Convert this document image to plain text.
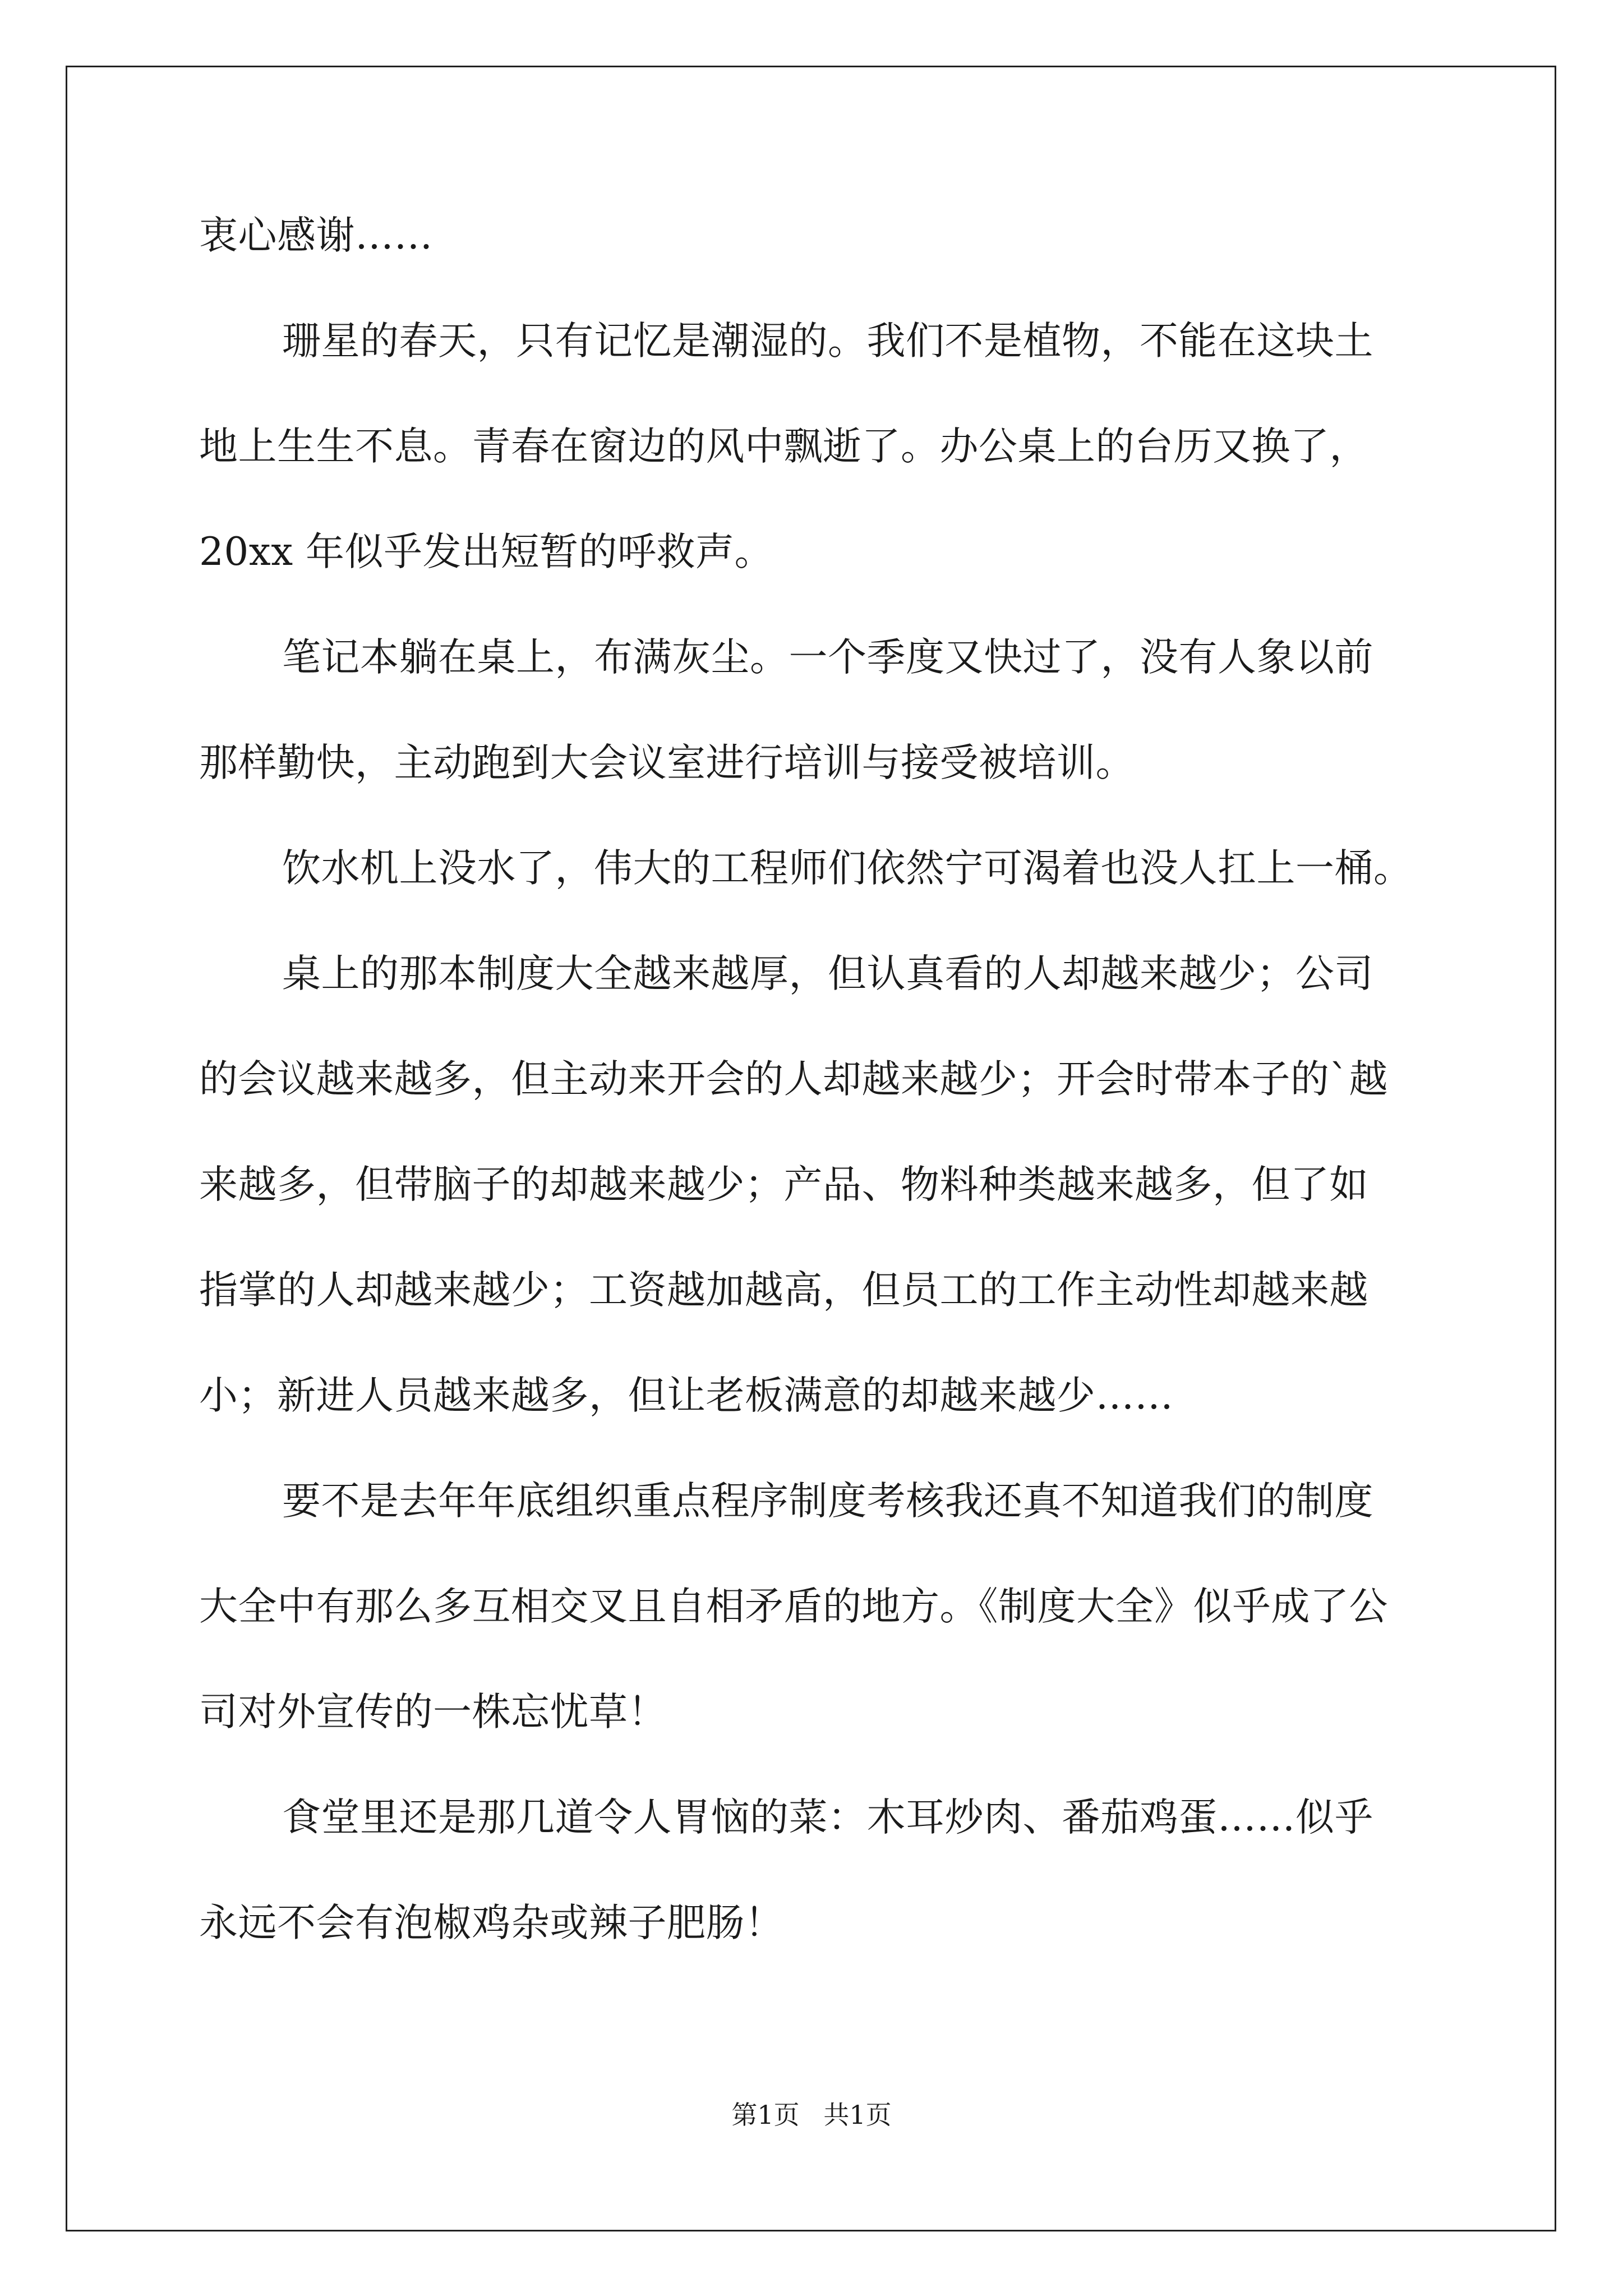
衷心感谢……
珊星的春天，只有记忆是潮湿的。我们不是植物，不能在这块土
地上生生不息。青春在窗边的风中飘逝了。办公桌上的台历又换了，
20xx 年似乎发出短暂的呼救声。
笔记本躺在桌上，布满灰尘。一个季度又快过了，没有人象以前
那样勤快，主动跑到大会议室进行培训与接受被培训。
饮水机上没水了，伟大的工程师们依然宁可渴着也没人扛上一桶。
桌上的那本制度大全越来越厚，但认真看的人却越来越少；公司
的会议越来越多，但主动来开会的人却越来越少；开会时带本子的`越
来越多，但带脑子的却越来越少；产品、物料种类越来越多，但了如
指掌的人却越来越少；工资越加越高，但员工的工作主动性却越来越
小；新进人员越来越多，但让老板满意的却越来越少……
要不是去年年底组织重点程序制度考核我还真不知道我们的制度
大全中有那么多互相交叉且自相矛盾的地方。《制度大全》似乎成了公
司对外宣传的一株忘忧草！
食堂里还是那几道令人胃恼的菜：木耳炒肉、番茄鸡蛋……似乎
永远不会有泡椒鸡杂或辣子肥肠！
第1页 共1页
